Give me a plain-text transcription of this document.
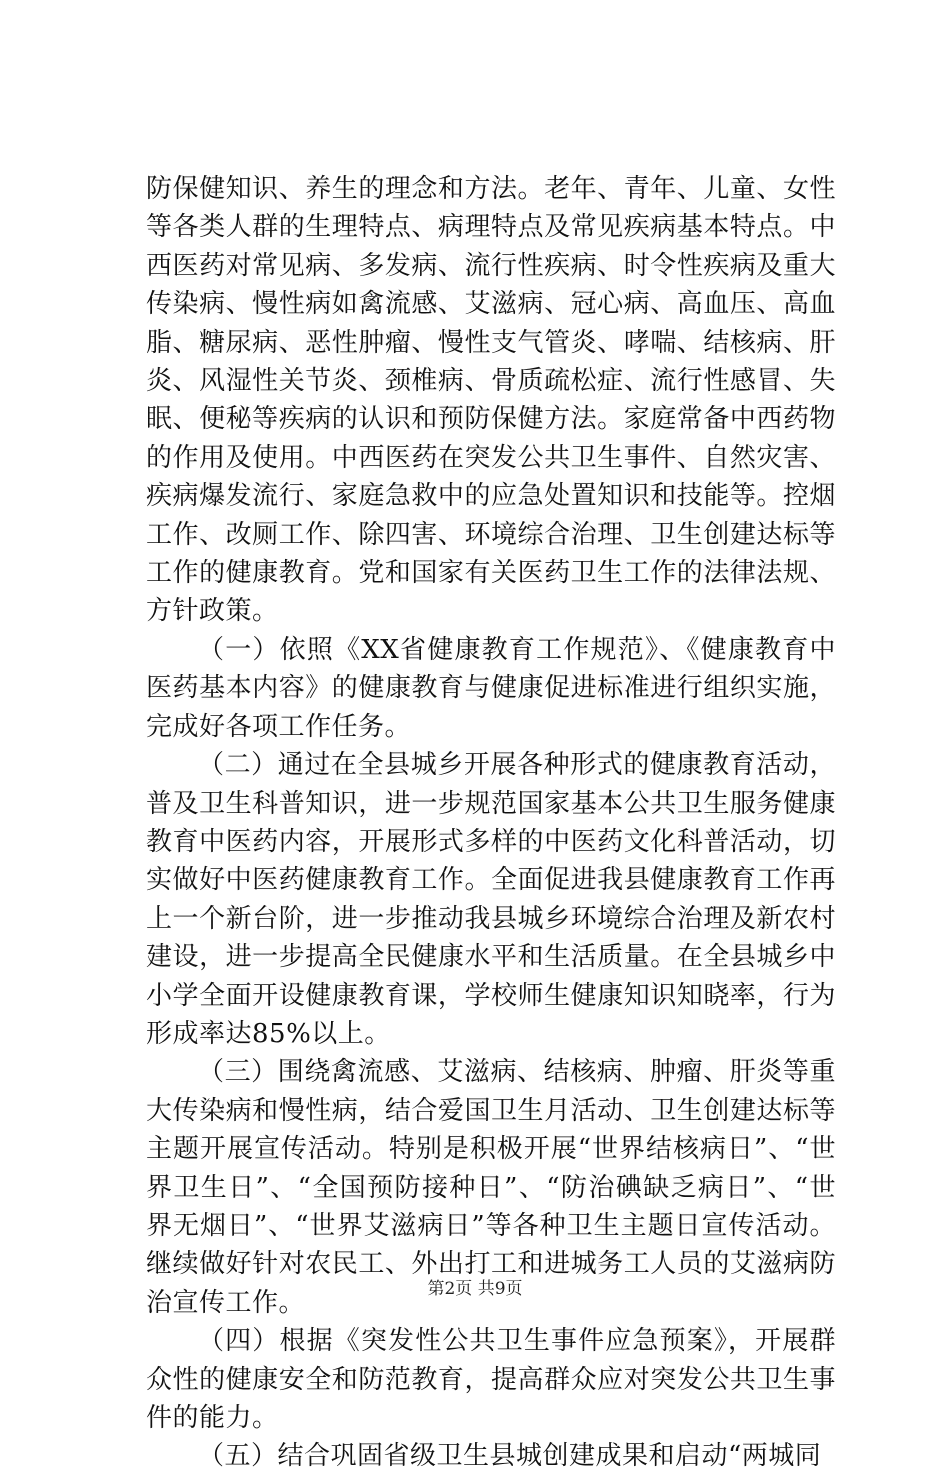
防保健知识、养生的理念和方法。老年、青年、儿童、女性等各类人群的生理特点、病理特点及常见疾病基本特点。中西医药对常见病、多发病、流行性疾病、时令性疾病及重大传染病、慢性病如禽流感、艾滋病、冠心病、高血压、高血脂、糖尿病、恶性肿瘤、慢性支气管炎、哮喘、结核病、肝炎、风湿性关节炎、颈椎病、骨质疏松症、流行性感冒、失眠、便秘等疾病的认识和预防保健方法。家庭常备中西药物的作用及使用。中西医药在突发公共卫生事件、自然灾害、疾病爆发流行、家庭急救中的应急处置知识和技能等。控烟工作、改厕工作、除四害、环境综合治理、卫生创建达标等工作的健康教育。党和国家有关医药卫生工作的法律法规、方针政策。

（一）依照《XX省健康教育工作规范》、《健康教育中医药基本内容》的健康教育与健康促进标准进行组织实施，完成好各项工作任务。

（二）通过在全县城乡开展各种形式的健康教育活动，普及卫生科普知识，进一步规范国家基本公共卫生服务健康教育中医药内容，开展形式多样的中医药文化科普活动，切实做好中医药健康教育工作。全面促进我县健康教育工作再上一个新台阶，进一步推动我县城乡环境综合治理及新农村建设，进一步提高全民健康水平和生活质量。在全县城乡中小学全面开设健康教育课，学校师生健康知识知晓率，行为形成率达85%以上。

（三）围绕禽流感、艾滋病、结核病、肿瘤、肝炎等重大传染病和慢性病，结合爱国卫生月活动、卫生创建达标等主题开展宣传活动。特别是积极开展“世界结核病日”、“世界卫生日”、“全国预防接种日”、“防治碘缺乏病日”、“世界无烟日”、“世界艾滋病日”等各种卫生主题日宣传活动。继续做好针对农民工、外出打工和进城务工人员的艾滋病防治宣传工作。

（四）根据《突发性公共卫生事件应急预案》，开展群众性的健康安全和防范教育，提高群众应对突发公共卫生事件的能力。

（五）结合巩固省级卫生县城创建成果和启动“两城同

第2页 共9页
